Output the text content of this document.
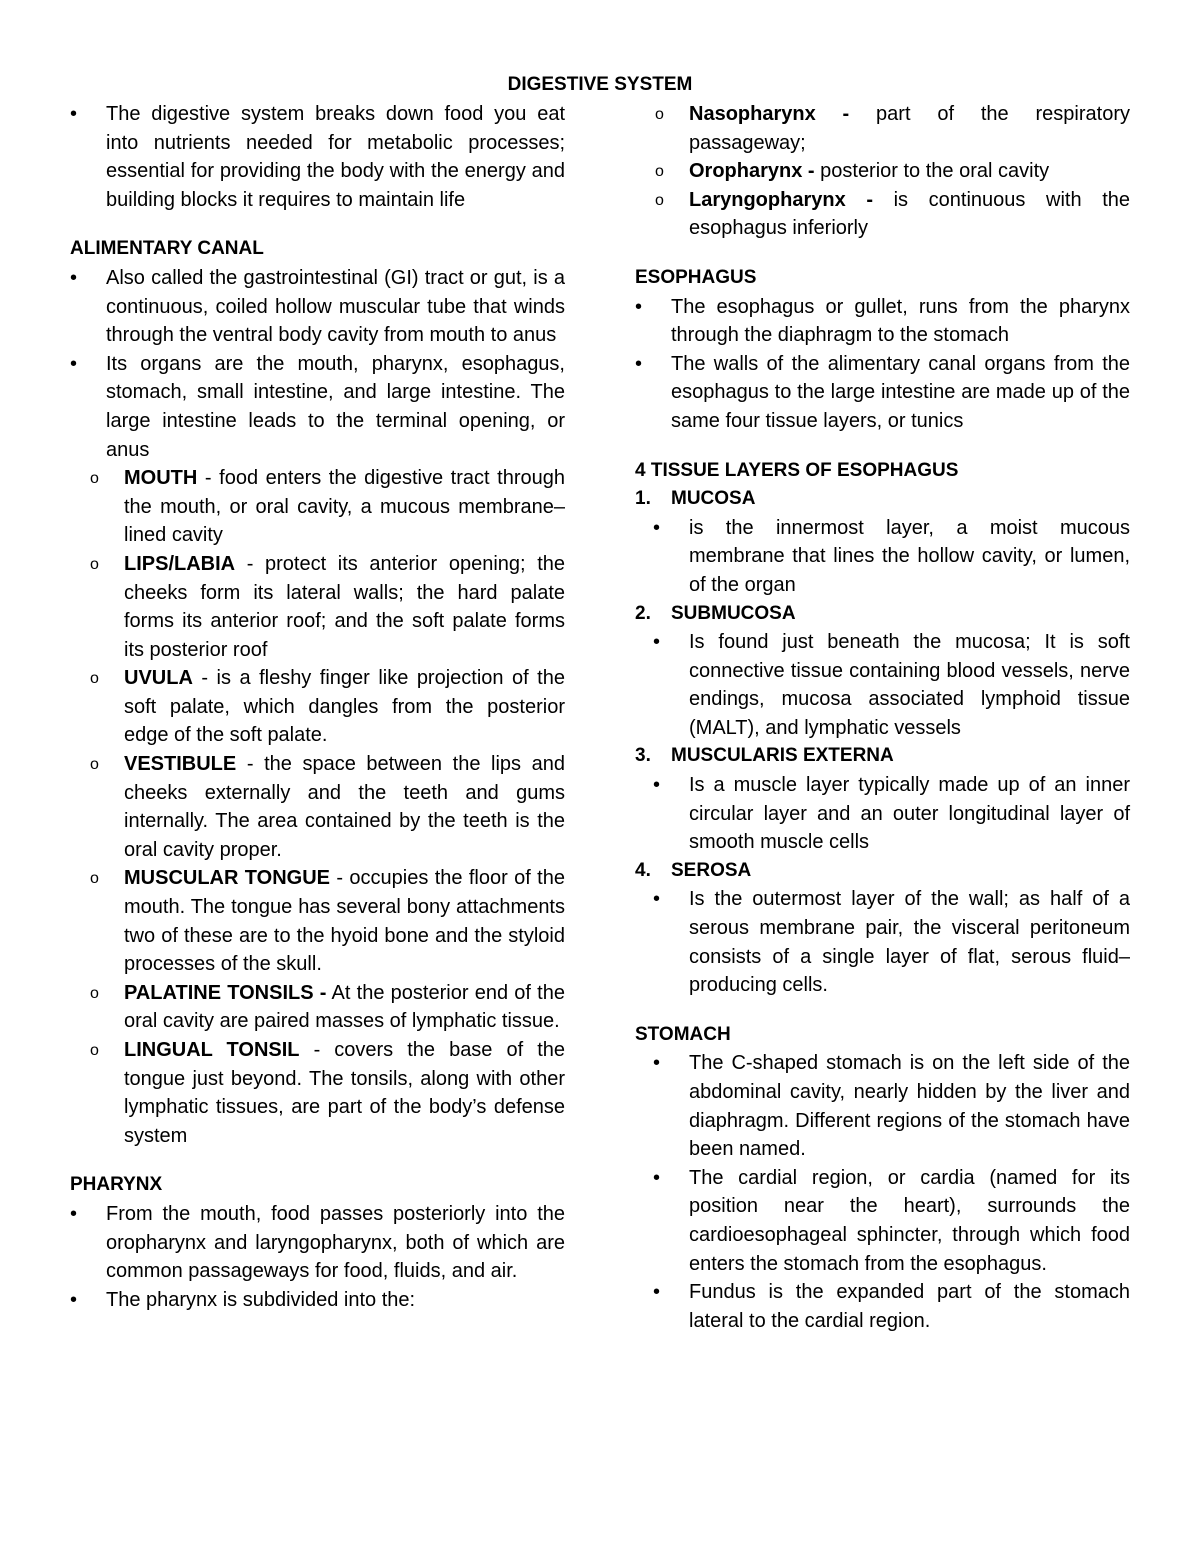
DIGESTIVE SYSTEM
• The digestive system breaks down food you eat into nutrients needed for metabolic processes; essential for providing the body with the energy and building blocks it requires to maintain life
ALIMENTARY CANAL
• Also called the gastrointestinal (GI) tract or gut, is a continuous, coiled hollow muscular tube that winds through the ventral body cavity from mouth to anus
• Its organs are the mouth, pharynx, esophagus, stomach, small intestine, and large intestine. The large intestine leads to the terminal opening, or anus
o MOUTH - food enters the digestive tract through the mouth, or oral cavity, a mucous membrane–lined cavity
o LIPS/LABIA - protect its anterior opening; the cheeks form its lateral walls; the hard palate forms its anterior roof; and the soft palate forms its posterior roof
o UVULA - is a fleshy finger like projection of the soft palate, which dangles from the posterior edge of the soft palate.
o VESTIBULE - the space between the lips and cheeks externally and the teeth and gums internally. The area contained by the teeth is the oral cavity proper.
o MUSCULAR TONGUE - occupies the floor of the mouth. The tongue has several bony attachments two of these are to the hyoid bone and the styloid processes of the skull.
o PALATINE TONSILS - At the posterior end of the oral cavity are paired masses of lymphatic tissue.
o LINGUAL TONSIL - covers the base of the tongue just beyond. The tonsils, along with other lymphatic tissues, are part of the body’s defense system
PHARYNX
• From the mouth, food passes posteriorly into the oropharynx and laryngopharynx, both of which are common passageways for food, fluids, and air.
• The pharynx is subdivided into the:
o Nasopharynx - part of the respiratory passageway;
o Oropharynx - posterior to the oral cavity
o Laryngopharynx - is continuous with the esophagus inferiorly
ESOPHAGUS
• The esophagus or gullet, runs from the pharynx through the diaphragm to the stomach
• The walls of the alimentary canal organs from the esophagus to the large intestine are made up of the same four tissue layers, or tunics
4 TISSUE LAYERS OF ESOPHAGUS
1. MUCOSA
• is the innermost layer, a moist mucous membrane that lines the hollow cavity, or lumen, of the organ
2. SUBMUCOSA
• Is found just beneath the mucosa; It is soft connective tissue containing blood vessels, nerve endings, mucosa associated lymphoid tissue (MALT), and lymphatic vessels
3. MUSCULARIS EXTERNA
• Is a muscle layer typically made up of an inner circular layer and an outer longitudinal layer of smooth muscle cells
4. SEROSA
• Is the outermost layer of the wall; as half of a serous membrane pair, the visceral peritoneum consists of a single layer of flat, serous fluid–producing cells.
STOMACH
• The C-shaped stomach is on the left side of the abdominal cavity, nearly hidden by the liver and diaphragm. Different regions of the stomach have been named.
• The cardial region, or cardia (named for its position near the heart), surrounds the cardioesophageal sphincter, through which food enters the stomach from the esophagus.
• Fundus is the expanded part of the stomach lateral to the cardial region.
